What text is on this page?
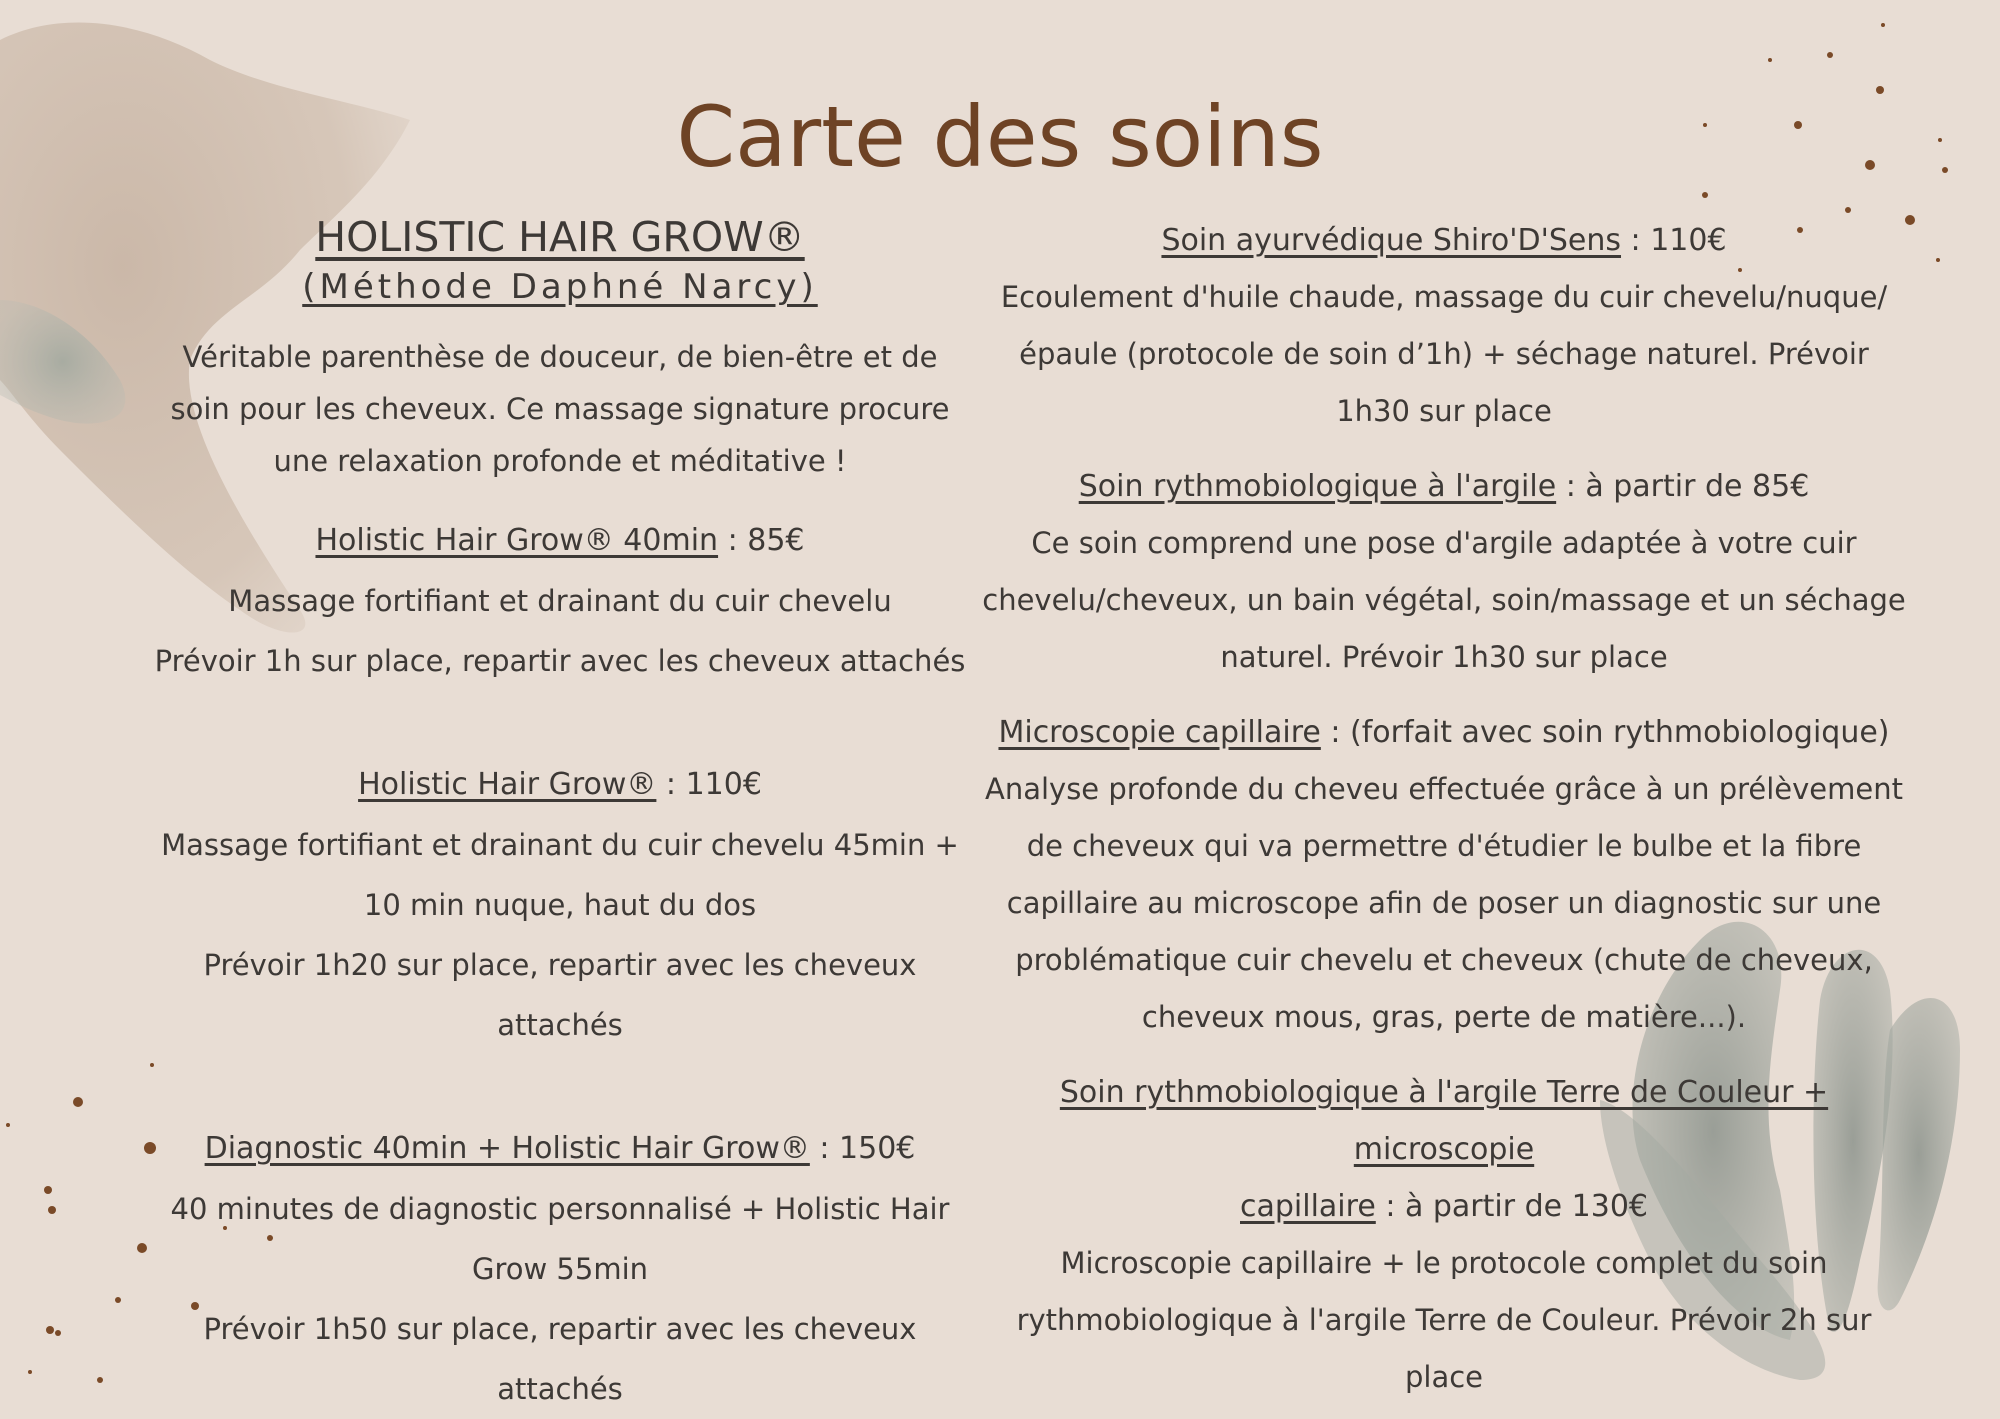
Carte des soins
HOLISTIC HAIR GROW®
(Méthode Daphné Narcy)
Véritable parenthèse de douceur, de bien-être et de
soin pour les cheveux. Ce massage signature procure
une relaxation profonde et méditative !
Holistic Hair Grow® 40min : 85€
Massage fortifiant et drainant du cuir chevelu
Prévoir 1h sur place, repartir avec les cheveux attachés
Holistic Hair Grow® : 110€
Massage fortifiant et drainant du cuir chevelu 45min +
10 min nuque, haut du dos
Prévoir 1h20 sur place, repartir avec les cheveux
attachés
Diagnostic 40min + Holistic Hair Grow® : 150€
40 minutes de diagnostic personnalisé + Holistic Hair
Grow 55min
Prévoir 1h50 sur place, repartir avec les cheveux
attachés
Soin ayurvédique Shiro'D'Sens : 110€
Ecoulement d'huile chaude, massage du cuir chevelu/nuque/
épaule (protocole de soin d’1h) + séchage naturel. Prévoir
1h30 sur place
Soin rythmobiologique à l'argile : à partir de 85€
Ce soin comprend une pose d'argile adaptée à votre cuir
chevelu/cheveux, un bain végétal, soin/massage et un séchage
naturel. Prévoir 1h30 sur place
Microscopie capillaire : (forfait avec soin rythmobiologique)
Analyse profonde du cheveu effectuée grâce à un prélèvement
de cheveux qui va permettre d'étudier le bulbe et la fibre
capillaire au microscope afin de poser un diagnostic sur une
problématique cuir chevelu et cheveux (chute de cheveux,
cheveux mous, gras, perte de matière...).
Soin rythmobiologique à l'argile Terre de Couleur + microscopie
capillaire : à partir de 130€
Microscopie capillaire + le protocole complet du soin
rythmobiologique à l'argile Terre de Couleur. Prévoir 2h sur
place
